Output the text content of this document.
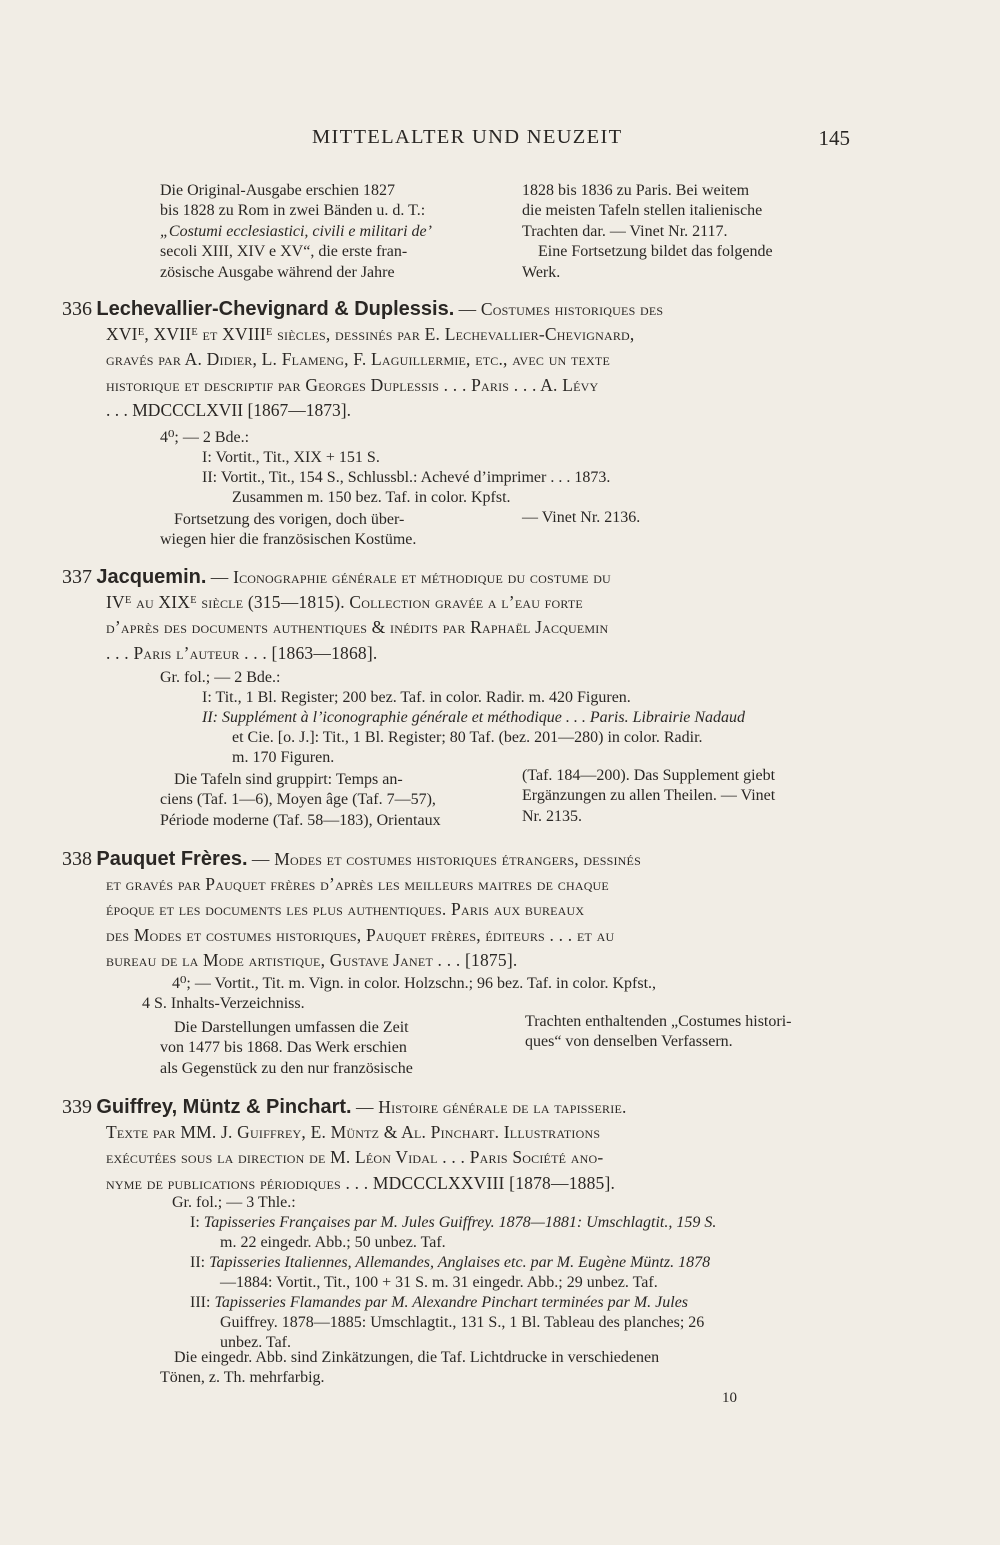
MITTELALTER UND NEUZEIT	145
Die Original-Ausgabe erschien 1827
bis 1828 zu Rom in zwei Bänden u. d. T.:
„Costumi ecclesiastici, civili e militari de’
secoli XIII, XIV e XV“, die erste fran-
zösische Ausgabe während der Jahre
1828 bis 1836 zu Paris. Bei weitem
die meisten Tafeln stellen italienische
Trachten dar. — Vinet Nr. 2117.
Eine Fortsetzung bildet das folgende
Werk.
336 Lechevallier-Chevignard & Duplessis. — Costumes historiques des
XVIᴱ, XVIIᴱ et XVIIIᴱ siècles, dessinés par E. Lechevallier-Chevignard,
gravés par A. Didier, L. Flameng, F. Laguillermie, etc., avec un texte
historique et descriptif par Georges Duplessis . . . Paris . . . A. Lévy
. . . MDCCCLXVII [1867—1873].
4⁰; — 2 Bde.:
I: Vortit., Tit., XIX + 151 S.
II: Vortit., Tit., 154 S., Schlussbl.: Achevé d’imprimer . . . 1873.
Zusammen m. 150 bez. Taf. in color. Kpfst.
Fortsetzung des vorigen, doch über-
wiegen hier die französischen Kostüme.
— Vinet Nr. 2136.
337 Jacquemin. — Iconographie générale et méthodique du costume du
IVᴱ au XIXᴱ siècle (315—1815). Collection gravée a l’eau forte
d’après des documents authentiques & inédits par Raphaël Jacquemin
. . . Paris l’auteur . . . [1863—1868].
Gr. fol.; — 2 Bde.:
I: Tit., 1 Bl. Register; 200 bez. Taf. in color. Radir. m. 420 Figuren.
II: Supplément à l’iconographie générale et méthodique . . . Paris. Librairie Nadaud
et Cie. [o. J.]: Tit., 1 Bl. Register; 80 Taf. (bez. 201—280) in color. Radir.
m. 170 Figuren.
Die Tafeln sind gruppirt: Temps an-
ciens (Taf. 1—6), Moyen âge (Taf. 7—57),
Période moderne (Taf. 58—183), Orientaux
(Taf. 184—200). Das Supplement giebt
Ergänzungen zu allen Theilen. — Vinet
Nr. 2135.
338 Pauquet Frères. — Modes et costumes historiques étrangers, dessinés
et gravés par Pauquet frères d’après les meilleurs maitres de chaque
époque et les documents les plus authentiques. Paris aux bureaux
des Modes et costumes historiques, Pauquet frères, éditeurs . . . et au
bureau de la Mode artistique, Gustave Janet . . . [1875].
4⁰; — Vortit., Tit. m. Vign. in color. Holzschn.; 96 bez. Taf. in color. Kpfst.,
4 S. Inhalts-Verzeichniss.
Die Darstellungen umfassen die Zeit
von 1477 bis 1868. Das Werk erschien
als Gegenstück zu den nur französische
Trachten enthaltenden „Costumes histori-
ques“ von denselben Verfassern.
339 Guiffrey, Müntz & Pinchart. — Histoire générale de la tapisserie.
Texte par MM. J. Guiffrey, E. Müntz & Al. Pinchart. Illustrations
exécutées sous la direction de M. Léon Vidal . . . Paris Société ano-
nyme de publications périodiques . . . MDCCCLXXVIII [1878—1885].
Gr. fol.; — 3 Thle.:
I: Tapisseries Françaises par M. Jules Guiffrey. 1878—1881: Umschlagtit., 159 S.
m. 22 eingedr. Abb.; 50 unbez. Taf.
II: Tapisseries Italiennes, Allemandes, Anglaises etc. par M. Eugène Müntz. 1878
—1884: Vortit., Tit., 100 + 31 S. m. 31 eingedr. Abb.; 29 unbez. Taf.
III: Tapisseries Flamandes par M. Alexandre Pinchart terminées par M. Jules
Guiffrey. 1878—1885: Umschlagtit., 131 S., 1 Bl. Tableau des planches; 26
unbez. Taf.
Die eingedr. Abb. sind Zinkätzungen, die Taf. Lichtdrucke in verschiedenen
Tönen, z. Th. mehrfarbig.
10
